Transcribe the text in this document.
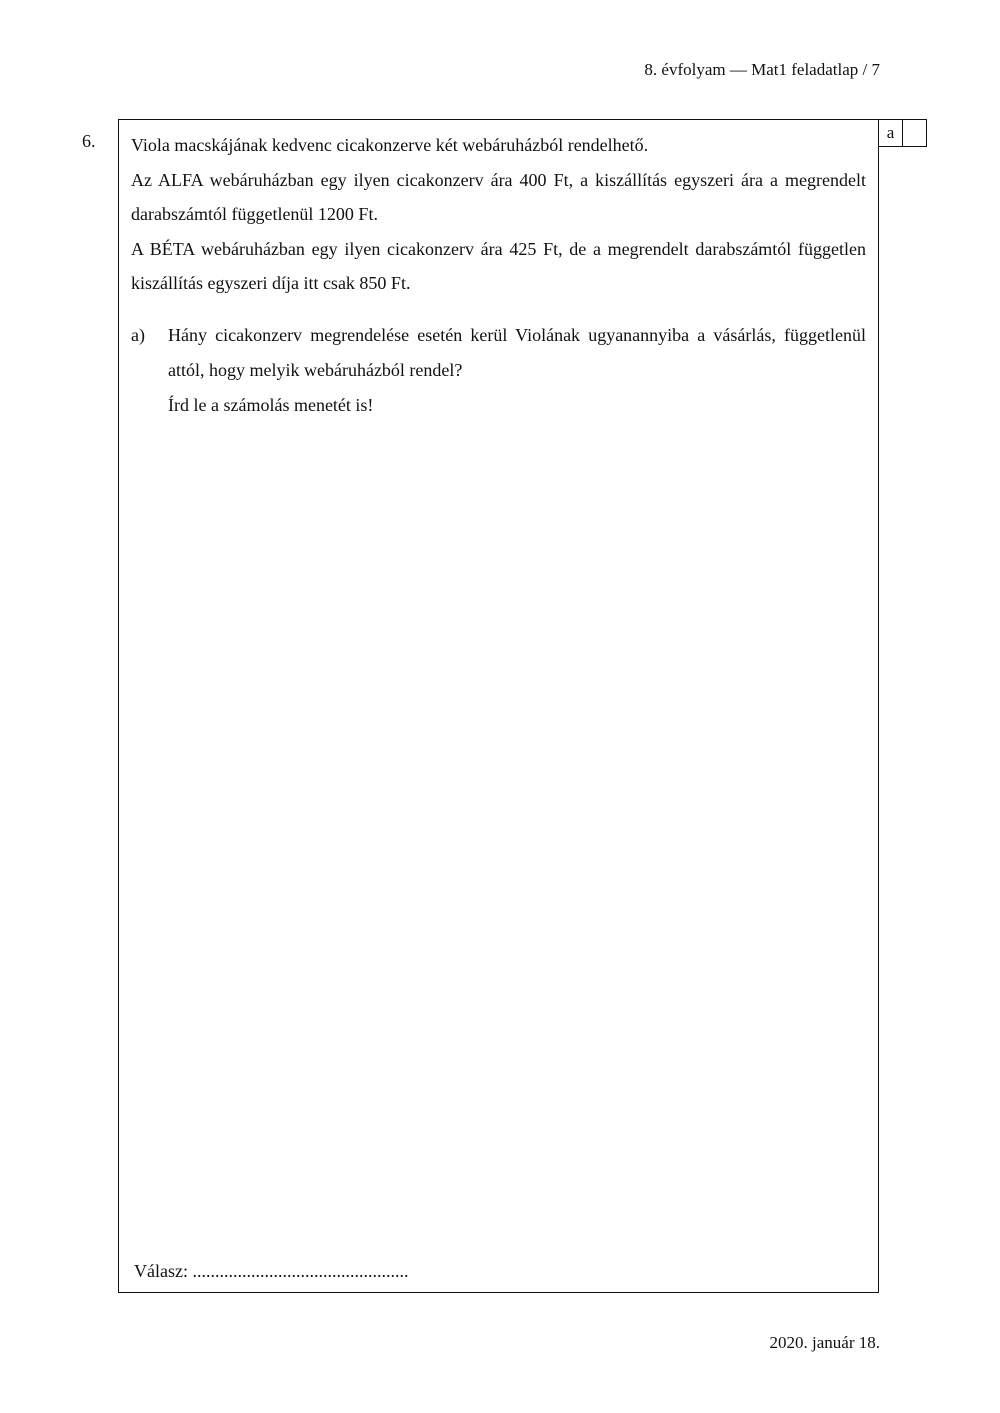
8. évfolyam — Mat1 feladatlap / 7
6.	a

Viola macskájának kedvenc cicakonzerve két webáruházból rendelhető.

Az ALFA webáruházban egy ilyen cicakonzerv ára 400 Ft, a kiszállítás egyszeri ára a megrendelt darabszámtól függetlenül 1200 Ft.

A BÉTA webáruházban egy ilyen cicakonzerv ára 425 Ft, de a megrendelt darabszámtól független kiszállítás egyszeri díja itt csak 850 Ft.

a) Hány cicakonzerv megrendelése esetén kerül Violának ugyanannyiba a vásárlás, függetlenül attól, hogy melyik webáruházból rendel?

Írd le a számolás menetét is!

Válasz: ................................................
2020. január 18.
